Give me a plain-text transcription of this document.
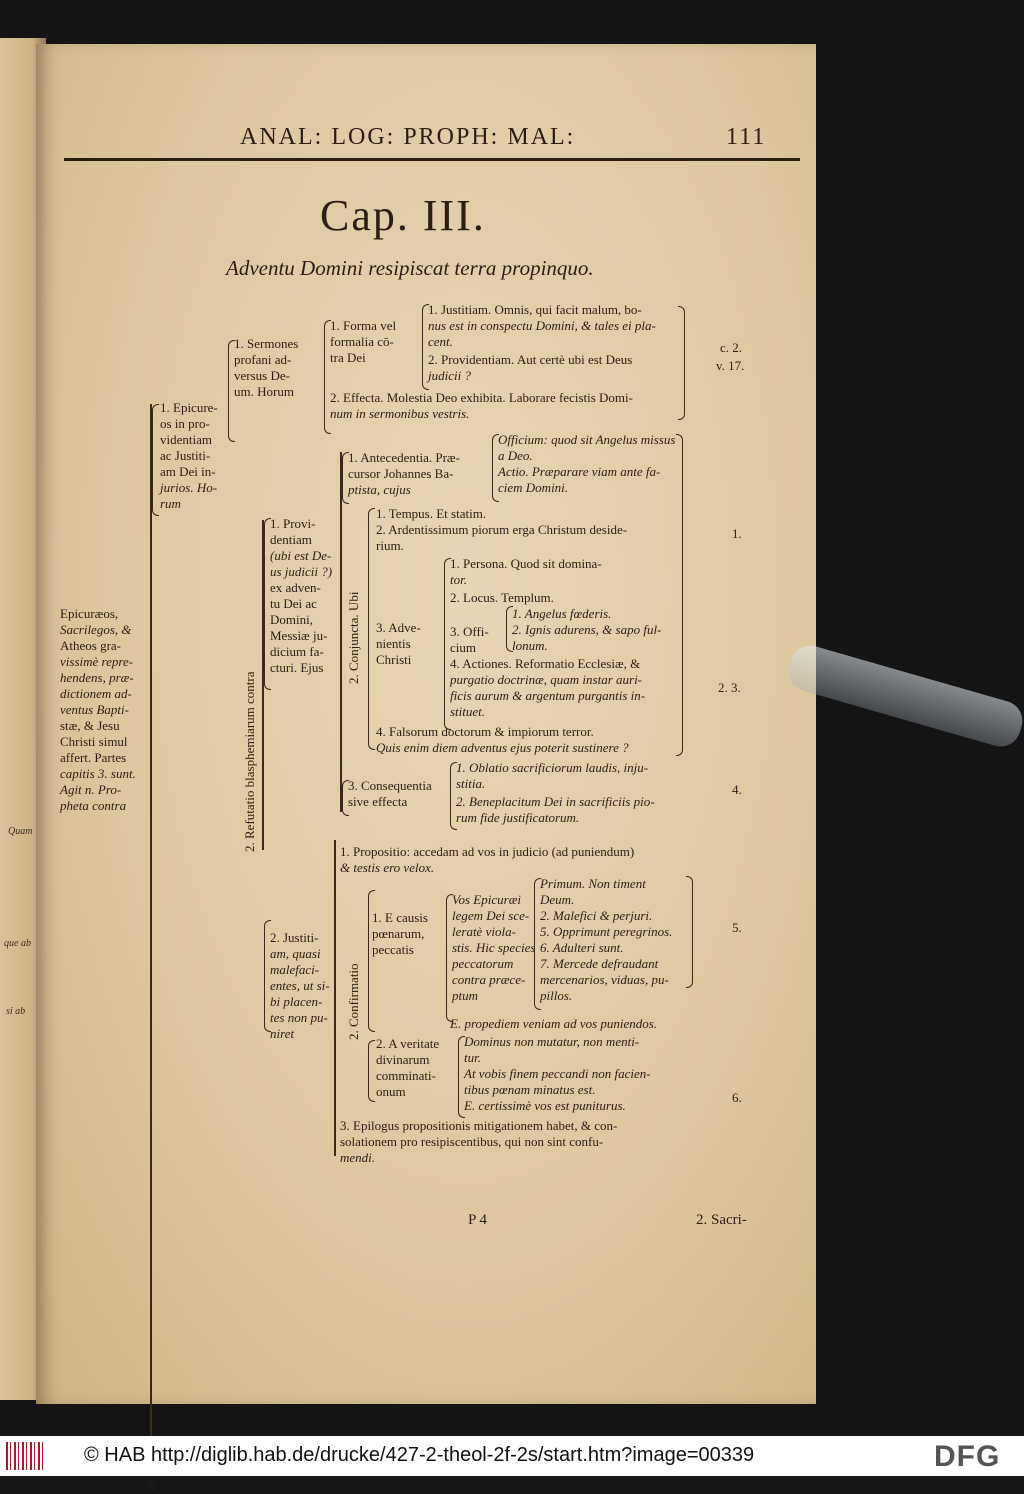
Quam
que ab
si ab
ANAL: LOG: PROPH: MAL:	111
Cap. III.
Adventu Domini resipiscat terra propinquo.
c. 2.
v. 17.
1.
2. 3.
4.
5.
6.
Epicuræos,
Sacrilegos, &
Atheos gra-
vissimè repre-
hendens, præ-
dictionem ad-
ventus Bapti-
stæ, & Jesu
Christi simul
affert. Partes
capitis 3. sunt.
Agit n. Pro-
pheta contra
A
1. Epicure-
os in pro-
videntiam
ac Justiti-
am Dei in-
jurios. Ho-
rum
1. Sermones
profani ad-
versus De-
um. Horum
1. Forma vel
formalia cō-
tra Dei
1. Justitiam. Omnis, qui facit malum, bo-
nus est in conspectu Domini, & tales ei pla-
cent.
2. Providentiam. Aut certè ubi est Deus
judicii ?
2. Effecta. Molestia Deo exhibita. Laborare fecistis Domi-
num in sermonibus vestris.
2. Refutatio blasphemiarum contra
1. Provi-
dentiam
(ubi est De-
us judicii ?)
ex adven-
tu Dei ac
Domini,
Messiæ ju-
dicium fa-
cturi. Ejus	2. Conjuncta. Ubi
1. Antecedentia. Præ-
cursor Johannes Ba-
ptista, cujus
Officium: quod sit Angelus missus
a Deo.
Actio. Præparare viam ante fa-
ciem Domini.
1. Tempus. Et statim.
2. Ardentissimum piorum erga Christum deside-
rium.
3. Adve-
nientis
Christi
1. Persona. Quod sit domina-
tor.
2. Locus. Templum.
3. Offi-
cium
1. Angelus fœderis.
2. Ignis adurens, & sapo ful-
lonum.
4. Actiones. Reformatio Ecclesiæ, &
purgatio doctrinæ, quam instar auri-
ficis aurum & argentum purgantis in-
stituet.
4. Falsorum doctorum & impiorum terror.
Quis enim diem adventus ejus poterit sustinere ?
3. Consequentia
sive effecta
1. Oblatio sacrificiorum laudis, inju-
stitia.
2. Beneplacitum Dei in sacrificiis pio-
rum fide justificatorum.
2. Justiti-
am, quasi
malefaci-
entes, ut si-
bi placen-
tes non pu-
niret
1. Propositio: accedam ad vos in judicio (ad puniendum)
& testis ero velox.
2. Confirmatio
1. E causis
pœnarum,
peccatis
Vos Epicuræi
legem Dei sce-
leratè viola-
stis. Hic species
peccatorum
contra præce-
ptum
Primum. Non timent
Deum.
2. Malefici & perjuri.
5. Opprimunt peregrinos.
6. Adulteri sunt.
7. Mercede defraudant
mercenarios, viduas, pu-
pillos.
E. propediem veniam ad vos puniendos.
2. A veritate
divinarum
comminati-
onum
Dominus non mutatur, non menti-
tur.
At vobis finem peccandi non facien-
tibus pœnam minatus est.
E. certissimè vos est puniturus.
3. Epilogus propositionis mitigationem habet, & con-
solationem pro resipiscentibus, qui non sint confu-
mendi.
P 4	2. Sacri-
© HAB http://diglib.hab.de/drucke/427-2-theol-2f-2s/start.htm?image=00339	DFG
